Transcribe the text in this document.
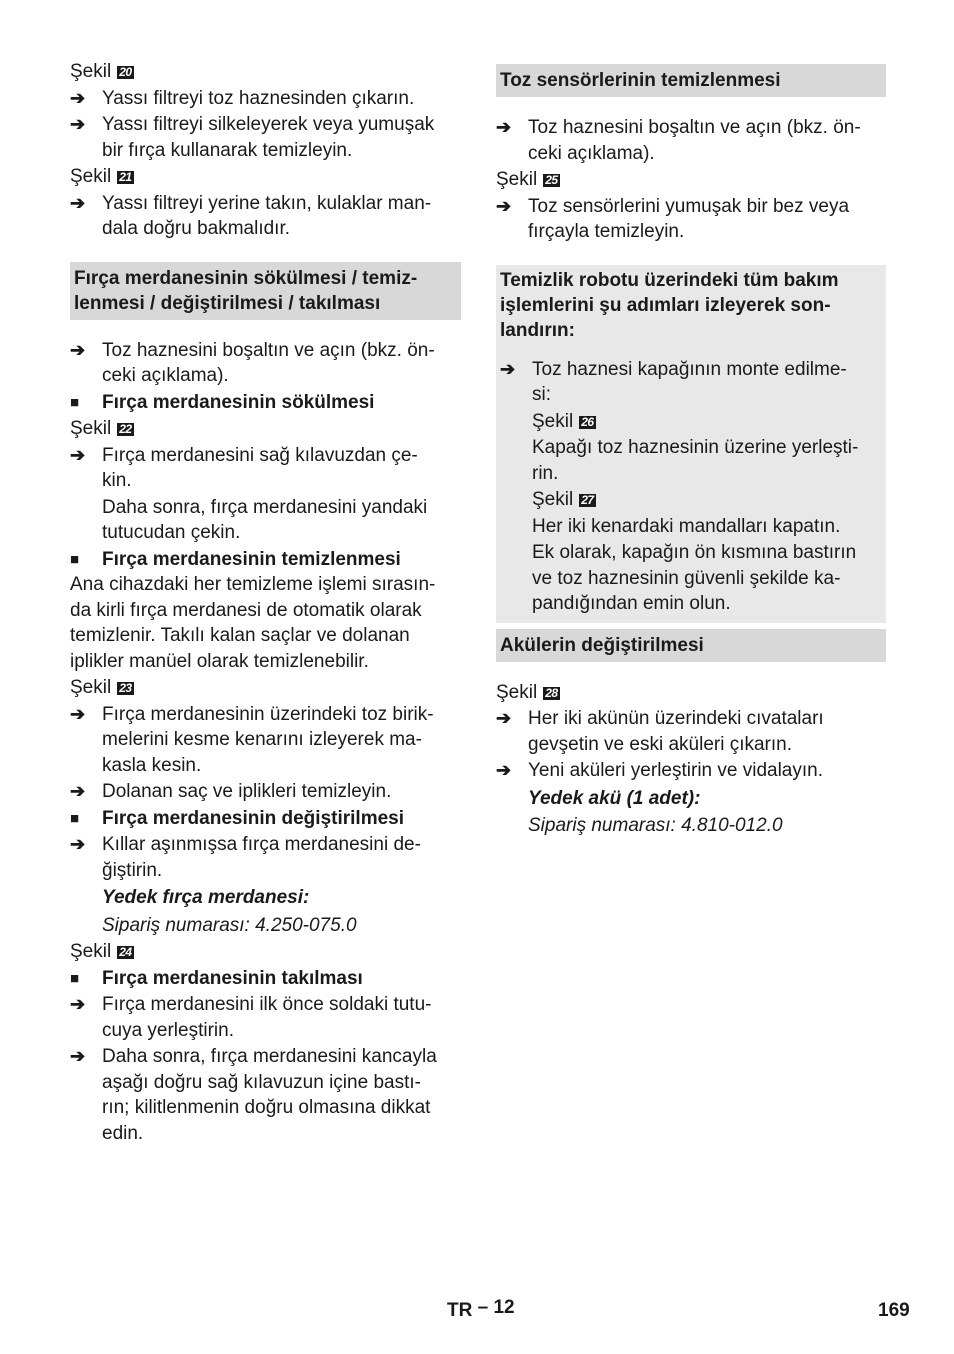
Şekil 20
➔ Yassı filtreyi toz haznesinden çıkarın.
➔ Yassı filtreyi silkeleyerek veya yumuşak
bir fırça kullanarak temizleyin.
Şekil 21
➔ Yassı filtreyi yerine takın, kulaklar man-
dala doğru bakmalıdır.
Fırça merdanesinin sökülmesi / temiz-
lenmesi / değiştirilmesi / takılması
➔ Toz haznesini boşaltın ve açın (bkz. ön-
ceki açıklama).
■	Fırça merdanesinin sökülmesi
Şekil 22
➔ Fırça merdanesini sağ kılavuzdan çe-
kin.
Daha sonra, fırça merdanesini yandaki
tutucudan çekin.
■	Fırça merdanesinin temizlenmesi
Ana cihazdaki her temizleme işlemi sırasın-
da kirli fırça merdanesi de otomatik olarak
temizlenir. Takılı kalan saçlar ve dolanan
iplikler manüel olarak temizlenebilir.
Şekil 23
➔ Fırça merdanesinin üzerindeki toz birik-
melerini kesme kenarını izleyerek ma-
kasla kesin.
➔ Dolanan saç ve iplikleri temizleyin.
■	Fırça merdanesinin değiştirilmesi
➔ Kıllar aşınmışsa fırça merdanesini de-
ğiştirin.
Yedek fırça merdanesi:
Sipariş numarası: 4.250-075.0
Şekil 24
■	Fırça merdanesinin takılması
➔ Fırça merdanesini ilk önce soldaki tutu-
cuya yerleştirin.
➔ Daha sonra, fırça merdanesini kancayla
aşağı doğru sağ kılavuzun içine bastı-
rın; kilitlenmenin doğru olmasına dikkat
edin.
Toz sensörlerinin temizlenmesi
➔ Toz haznesini boşaltın ve açın (bkz. ön-
ceki açıklama).
Şekil 25
➔ Toz sensörlerini yumuşak bir bez veya
fırçayla temizleyin.
Temizlik robotu üzerindeki tüm bakım
işlemlerini şu adımları izleyerek son-
landırın:
➔ Toz haznesi kapağının monte edilme-
si:
Şekil 26
Kapağı toz haznesinin üzerine yerleşti-
rin.
Şekil 27
Her iki kenardaki mandalları kapatın.
Ek olarak, kapağın ön kısmına bastırın
ve toz haznesinin güvenli şekilde ka-
pandığından emin olun.
Akülerin değiştirilmesi
Şekil 28
➔ Her iki akünün üzerindeki cıvataları
gevşetin ve eski aküleri çıkarın.
➔ Yeni aküleri yerleştirin ve vidalayın.
Yedek akü (1 adet):
Sipariş numarası: 4.810-012.0
TR – 12	169
